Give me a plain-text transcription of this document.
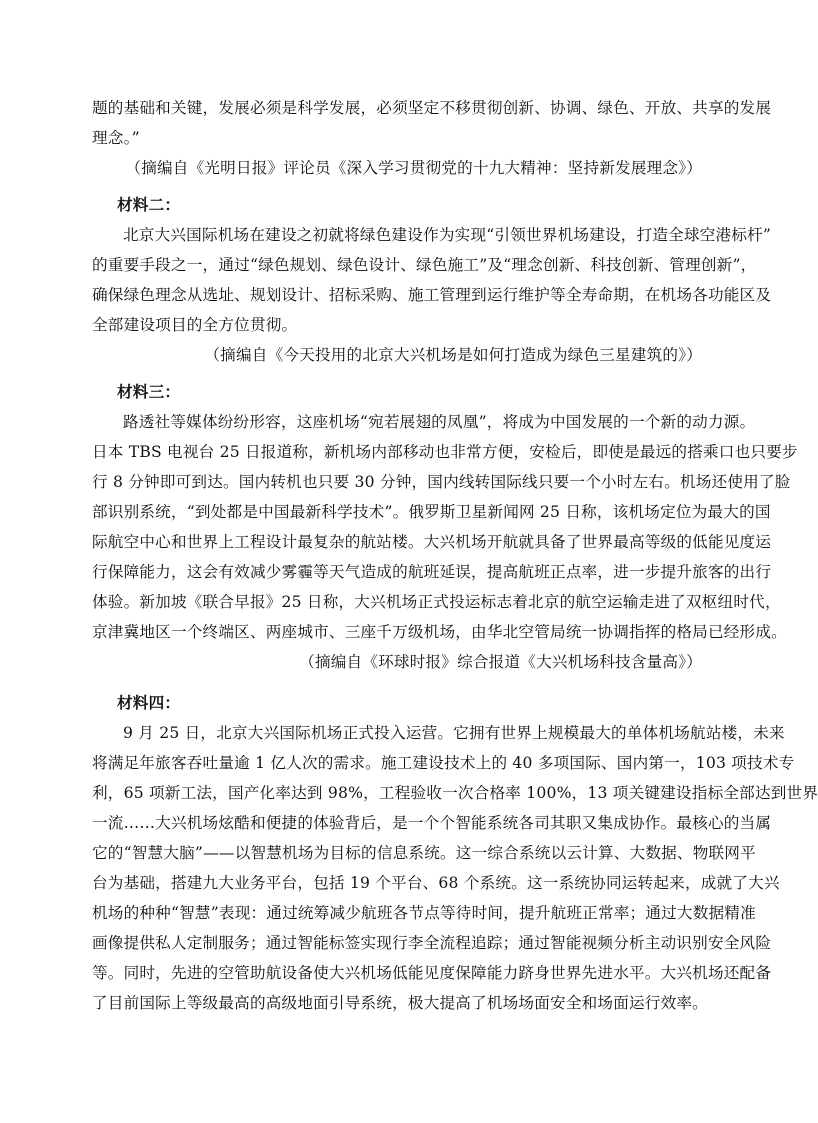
题的基础和关键，发展必须是科学发展，必须坚定不移贯彻创新、协调、绿色、开放、共享的发展
理念。”
（摘编自《光明日报》评论员《深入学习贯彻党的十九大精神：坚持新发展理念》）
材料二：
北京大兴国际机场在建设之初就将绿色建设作为实现“引领世界机场建设，打造全球空港标杆”
的重要手段之一，通过“绿色规划、绿色设计、绿色施工”及“理念创新、科技创新、管理创新”，
确保绿色理念从选址、规划设计、招标采购、施工管理到运行维护等全寿命期，在机场各功能区及
全部建设项目的全方位贯彻。
（摘编自《今天投用的北京大兴机场是如何打造成为绿色三星建筑的》）
材料三：
路透社等媒体纷纷形容，这座机场“宛若展翅的凤凰”，将成为中国发展的一个新的动力源。
日本 TBS 电视台 25 日报道称，新机场内部移动也非常方便，安检后，即使是最远的搭乘口也只要步
行 8 分钟即可到达。国内转机也只要 30 分钟，国内线转国际线只要一个小时左右。机场还使用了脸
部识别系统，“到处都是中国最新科学技术”。俄罗斯卫星新闻网 25 日称，该机场定位为最大的国
际航空中心和世界上工程设计最复杂的航站楼。大兴机场开航就具备了世界最高等级的低能见度运
行保障能力，这会有效减少雾霾等天气造成的航班延误，提高航班正点率，进一步提升旅客的出行
体验。新加坡《联合早报》25 日称，大兴机场正式投运标志着北京的航空运输走进了双枢纽时代，
京津冀地区一个终端区、两座城市、三座千万级机场，由华北空管局统一协调指挥的格局已经形成。
（摘编自《环球时报》综合报道《大兴机场科技含量高》）
材料四：
9 月 25 日，北京大兴国际机场正式投入运营。它拥有世界上规模最大的单体机场航站楼，未来
将满足年旅客吞吐量逾 1 亿人次的需求。施工建设技术上的 40 多项国际、国内第一，103 项技术专
利，65 项新工法，国产化率达到 98%，工程验收一次合格率 100%，13 项关键建设指标全部达到世界
一流……大兴机场炫酷和便捷的体验背后，是一个个智能系统各司其职又集成协作。最核心的当属
它的“智慧大脑”——以智慧机场为目标的信息系统。这一综合系统以云计算、大数据、物联网平
台为基础，搭建九大业务平台，包括 19 个平台、68 个系统。这一系统协同运转起来，成就了大兴
机场的种种“智慧”表现：通过统筹减少航班各节点等待时间，提升航班正常率；通过大数据精准
画像提供私人定制服务；通过智能标签实现行李全流程追踪；通过智能视频分析主动识别安全风险
等。同时，先进的空管助航设备使大兴机场低能见度保障能力跻身世界先进水平。大兴机场还配备
了目前国际上等级最高的高级地面引导系统，极大提高了机场场面安全和场面运行效率。
